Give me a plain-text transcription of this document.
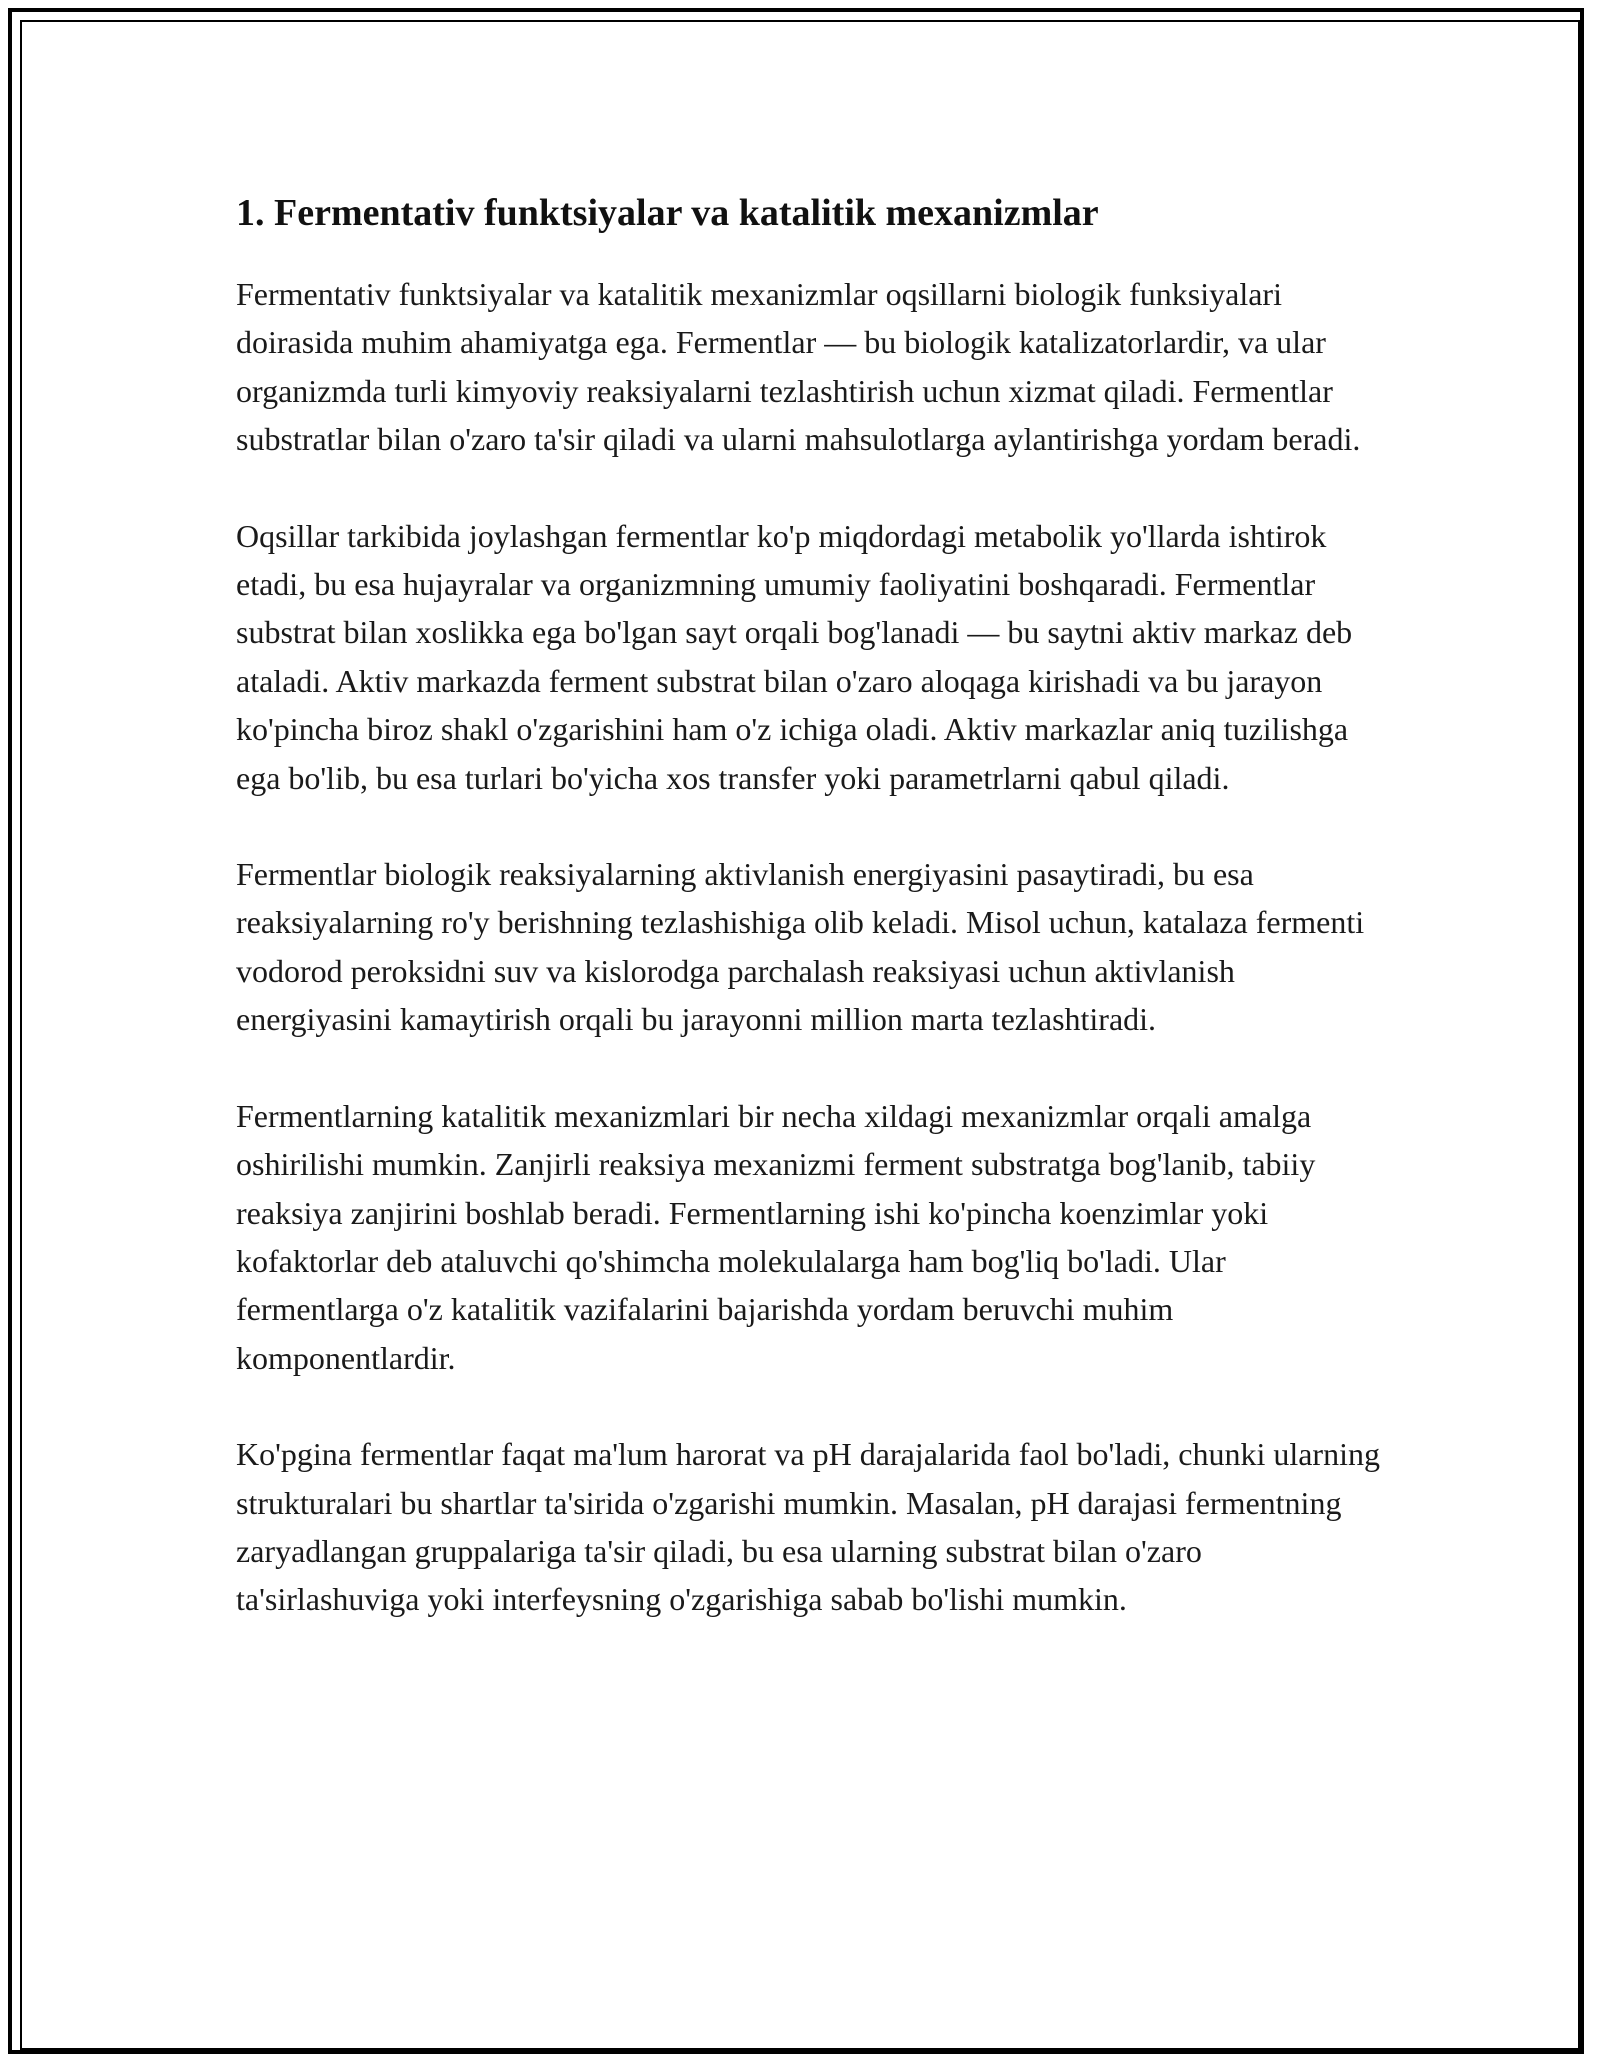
1. Fermentativ funktsiyalar va katalitik mexanizmlar

Fermentativ funktsiyalar va katalitik mexanizmlar oqsillarni biologik funksiyalari doirasida muhim ahamiyatga ega. Fermentlar — bu biologik katalizatorlardir, va ular organizmda turli kimyoviy reaksiyalarni tezlashtirish uchun xizmat qiladi. Fermentlar substratlar bilan o'zaro ta'sir qiladi va ularni mahsulotlarga aylantirishga yordam beradi.

Oqsillar tarkibida joylashgan fermentlar ko'p miqdordagi metabolik yo'llarda ishtirok etadi, bu esa hujayralar va organizmning umumiy faoliyatini boshqaradi. Fermentlar substrat bilan xoslikka ega bo'lgan sayt orqali bog'lanadi — bu saytni aktiv markaz deb ataladi. Aktiv markazda ferment substrat bilan o'zaro aloqaga kirishadi va bu jarayon ko'pincha biroz shakl o'zgarishini ham o'z ichiga oladi. Aktiv markazlar aniq tuzilishga ega bo'lib, bu esa turlari bo'yicha xos transfer yoki parametrlarni qabul qiladi.

Fermentlar biologik reaksiyalarning aktivlanish energiyasini pasaytiradi, bu esa reaksiyalarning ro'y berishning tezlashishiga olib keladi. Misol uchun, katalaza fermenti vodorod peroksidni suv va kislorodga parchalash reaksiyasi uchun aktivlanish energiyasini kamaytirish orqali bu jarayonni million marta tezlashtiradi.

Fermentlarning katalitik mexanizmlari bir necha xildagi mexanizmlar orqali amalga oshirilishi mumkin. Zanjirli reaksiya mexanizmi ferment substratga bog'lanib, tabiiy reaksiya zanjirini boshlab beradi. Fermentlarning ishi ko'pincha koenzimlar yoki kofaktorlar deb ataluvchi qo'shimcha molekulalarga ham bog'liq bo'ladi. Ular fermentlarga o'z katalitik vazifalarini bajarishda yordam beruvchi muhim komponentlardir.

Ko'pgina fermentlar faqat ma'lum harorat va pH darajalarida faol bo'ladi, chunki ularning strukturalari bu shartlar ta'sirida o'zgarishi mumkin. Masalan, pH darajasi fermentning zaryadlangan gruppalariga ta'sir qiladi, bu esa ularning substrat bilan o'zaro ta'sirlashuviga yoki interfeysning o'zgarishiga sabab bo'lishi mumkin.
